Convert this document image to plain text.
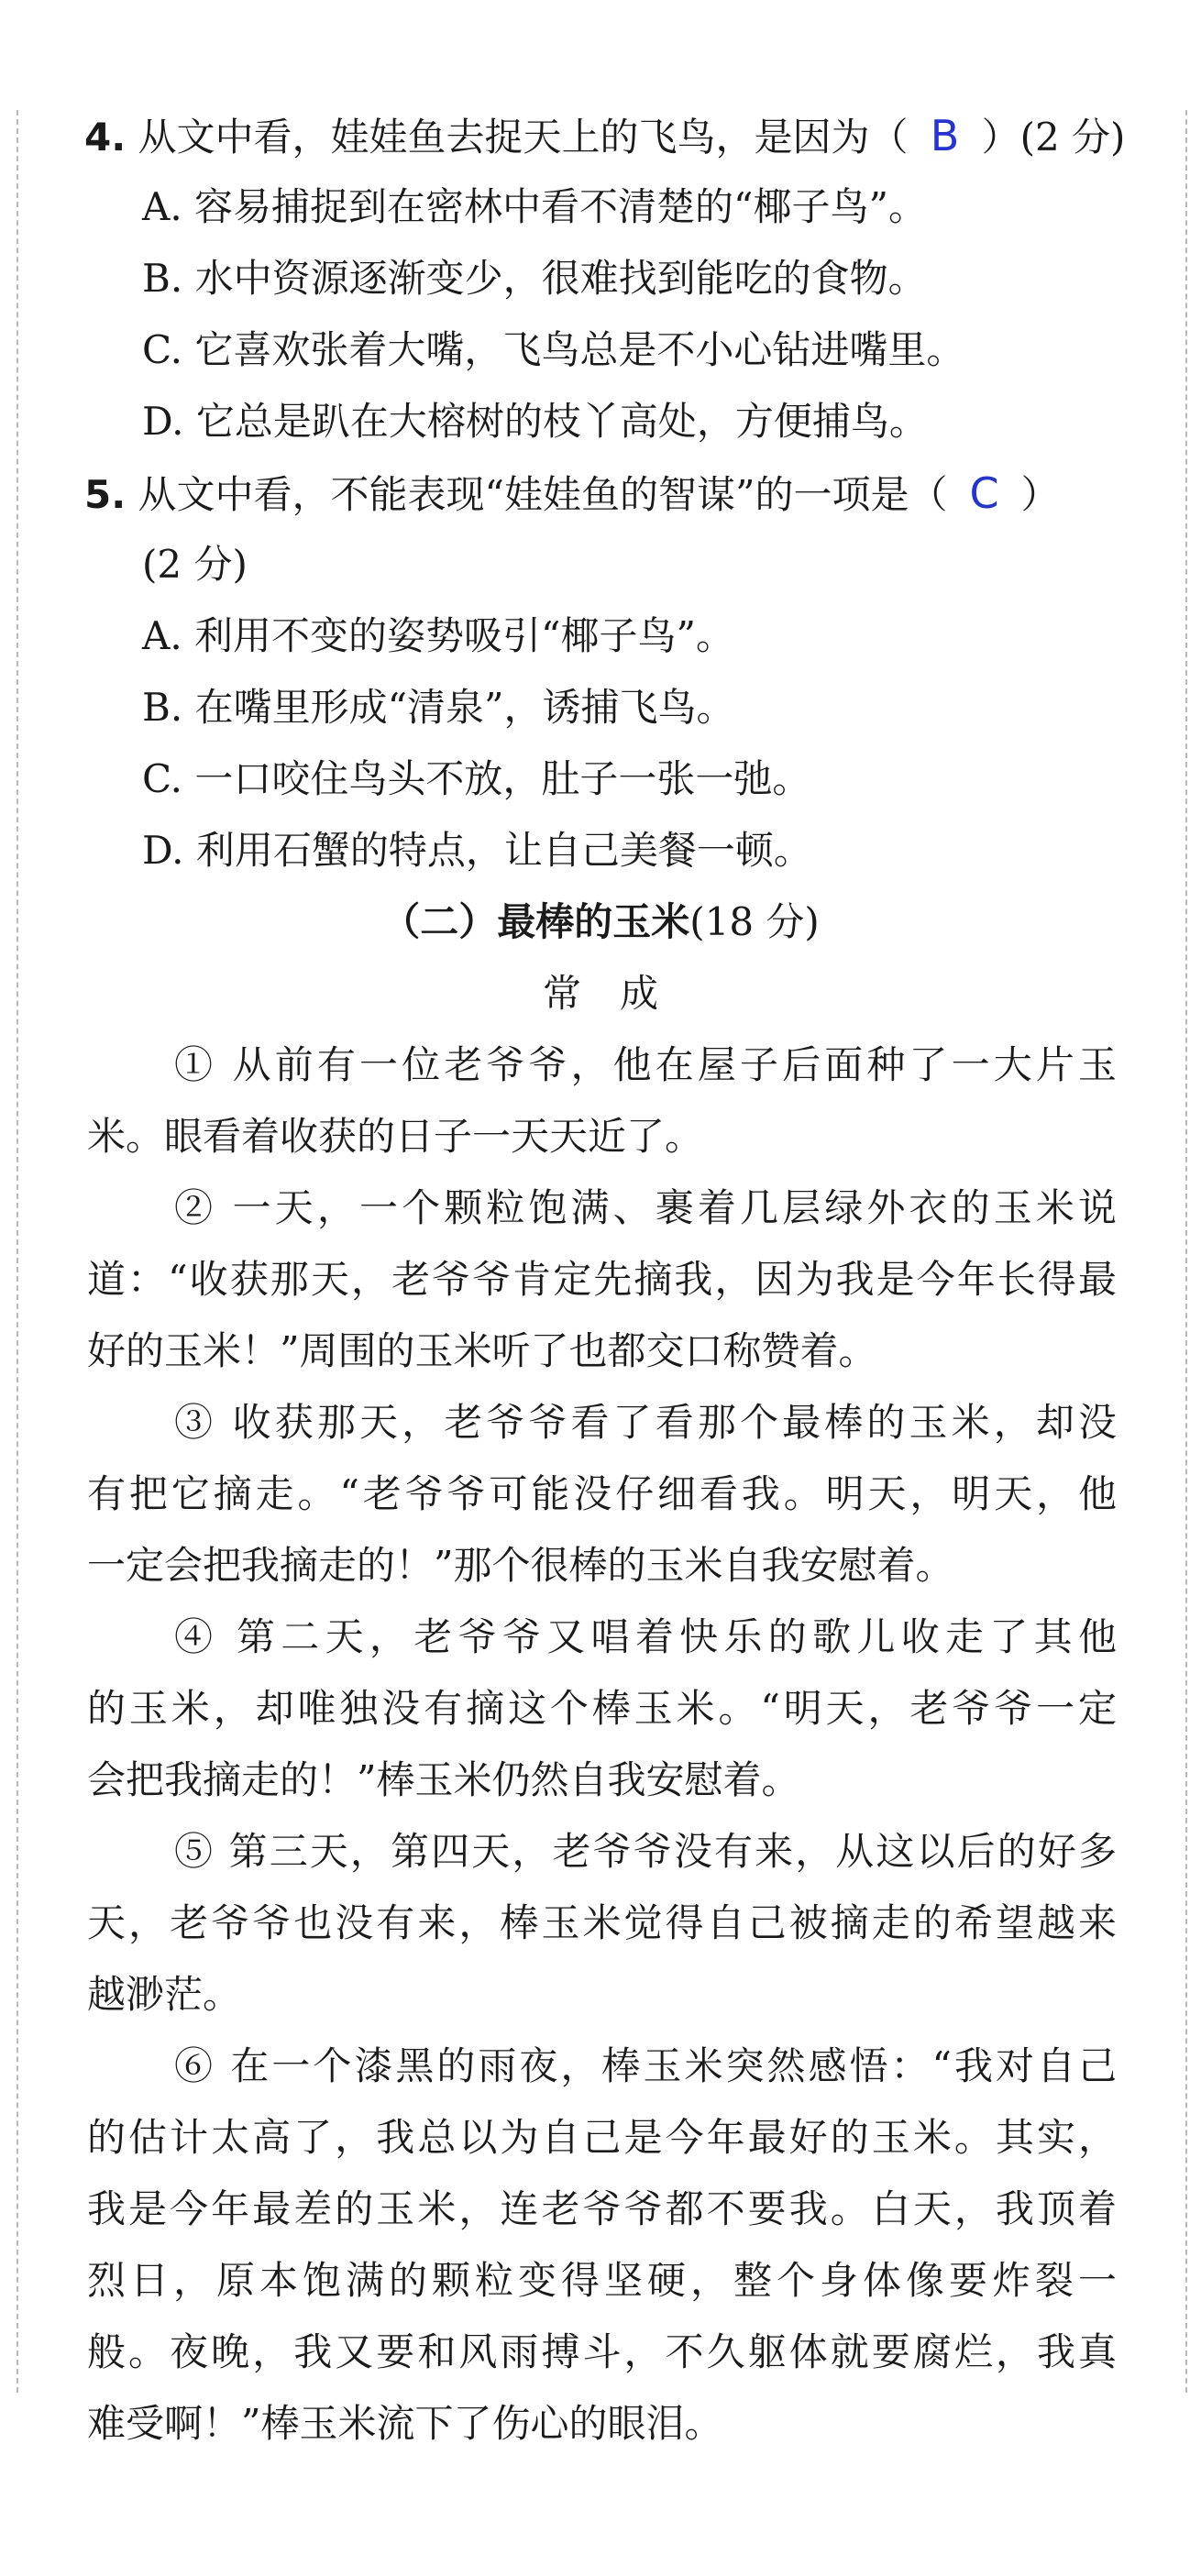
4. 从文中看，娃娃鱼去捉天上的飞鸟，是因为（ B ）(2 分)
A. 容易捕捉到在密林中看不清楚的“椰子鸟”。
B. 水中资源逐渐变少，很难找到能吃的食物。
C. 它喜欢张着大嘴，飞鸟总是不小心钻进嘴里。
D. 它总是趴在大榕树的枝丫高处，方便捕鸟。
5. 从文中看，不能表现“娃娃鱼的智谋”的一项是（ C ）
(2 分)
A. 利用不变的姿势吸引“椰子鸟”。
B. 在嘴里形成“清泉”，诱捕飞鸟。
C. 一口咬住鸟头不放，肚子一张一弛。
D. 利用石蟹的特点，让自己美餐一顿。
（二）最棒的玉米(18 分)
常　成
① 从前有一位老爷爷，他在屋子后面种了一大片玉
米。眼看着收获的日子一天天近了。
② 一天，一个颗粒饱满、裹着几层绿外衣的玉米说
道：“收获那天，老爷爷肯定先摘我，因为我是今年长得最
好的玉米！”周围的玉米听了也都交口称赞着。
③ 收获那天，老爷爷看了看那个最棒的玉米，却没
有把它摘走。“老爷爷可能没仔细看我。明天，明天，他
一定会把我摘走的！”那个很棒的玉米自我安慰着。
④ 第二天，老爷爷又唱着快乐的歌儿收走了其他
的玉米，却唯独没有摘这个棒玉米。“明天，老爷爷一定
会把我摘走的！”棒玉米仍然自我安慰着。
⑤ 第三天，第四天，老爷爷没有来，从这以后的好多
天，老爷爷也没有来，棒玉米觉得自己被摘走的希望越来
越渺茫。
⑥ 在一个漆黑的雨夜，棒玉米突然感悟：“我对自己
的估计太高了，我总以为自己是今年最好的玉米。其实，
我是今年最差的玉米，连老爷爷都不要我。白天，我顶着
烈日，原本饱满的颗粒变得坚硬，整个身体像要炸裂一
般。夜晚，我又要和风雨搏斗，不久躯体就要腐烂，我真
难受啊！”棒玉米流下了伤心的眼泪。
